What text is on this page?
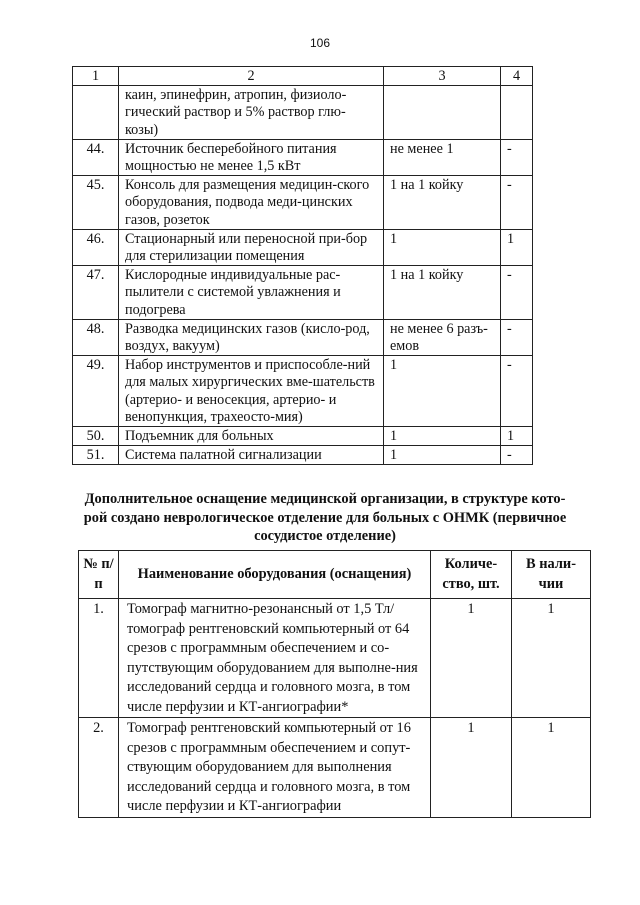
106
1	2	3	4
	каин, эпинефрин, атропин, физиоло-гический раствор и 5% раствор глю-козы)		
44.	Источник бесперебойного питания мощностью не менее 1,5 кВт	не менее 1	-
45.	Консоль для размещения медицин-ского оборудования, подвода меди-цинских газов, розеток	1 на 1 койку	-
46.	Стационарный или переносной при-бор для стерилизации помещения	1	1
47.	Кислородные индивидуальные рас-пылители с системой увлажнения и подогрева	1 на 1 койку	-
48.	Разводка медицинских газов (кисло-род, воздух, вакуум)	не менее 6 разъ-емов	-
49.	Набор инструментов и приспособле-ний для малых хирургических вме-шательств (артерио- и веносекция, артерио- и венопункция, трахеосто-мия)	1	-
50.	Подъемник для больных	1	1
51.	Система палатной сигнализации	1	-
Дополнительное оснащение медицинской организации, в структуре кото-рой создано неврологическое отделение для больных с ОНМК (первичное сосудистое отделение)
№ п/п	Наименование оборудования (оснащения)	Количе-ство, шт.	В нали-чии
1.	Томограф магнитно-резонансный от 1,5 Тл/томограф рентгеновский компьютерный от 64 срезов с программным обеспечением и со-путствующим оборудованием для выполне-ния исследований сердца и головного мозга, в том числе перфузии и КТ-ангиографии*	1	1
2.	Томограф рентгеновский компьютерный от 16 срезов с программным обеспечением и сопут-ствующим оборудованием для выполнения исследований сердца и головного мозга, в том числе перфузии и КТ-ангиографии	1	1
